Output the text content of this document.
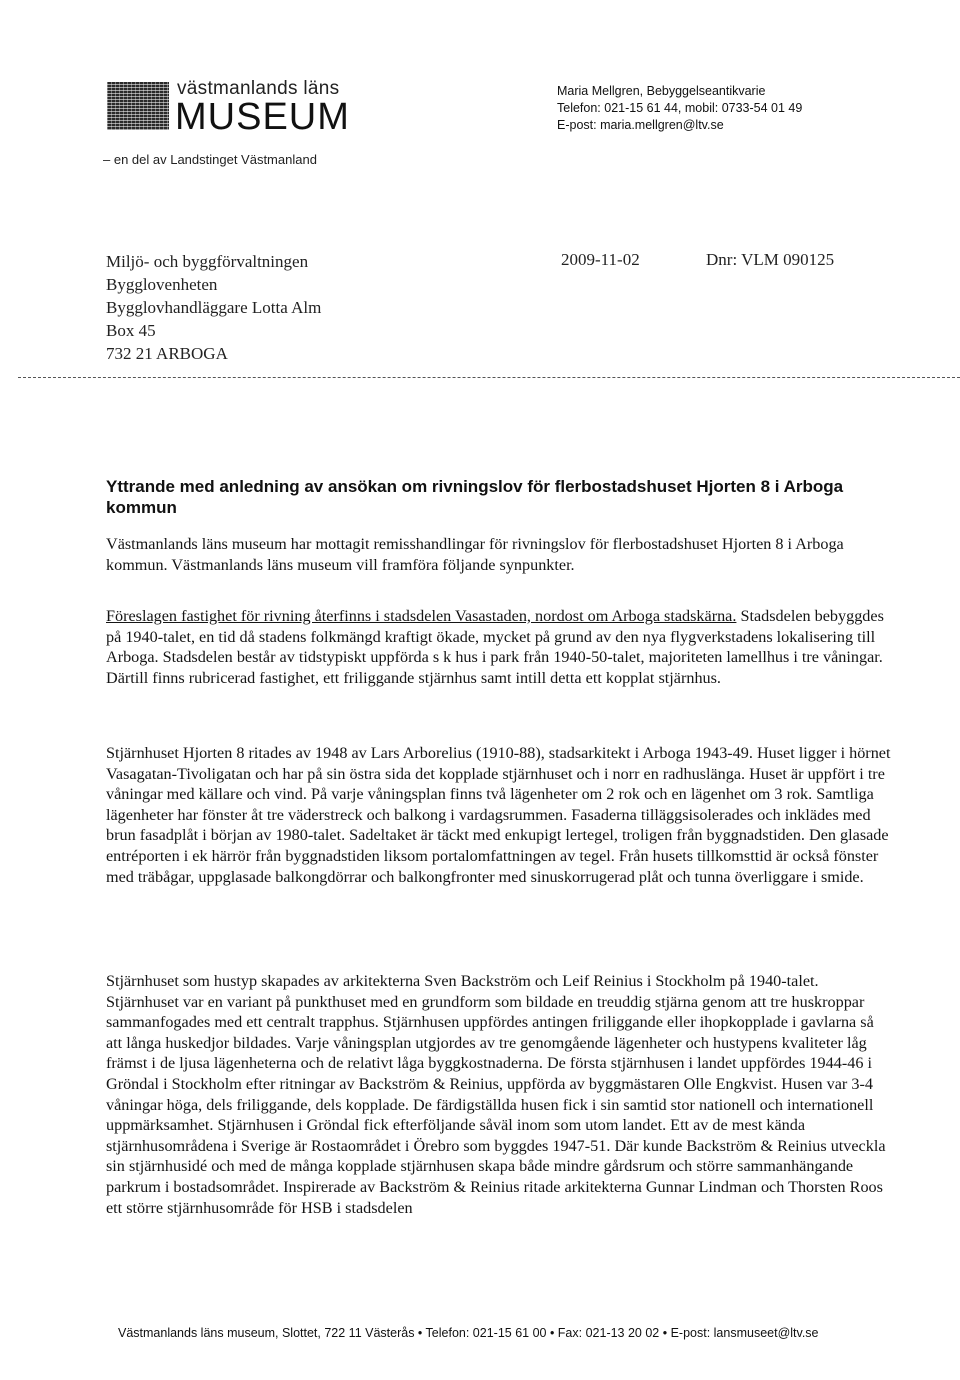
västmanlands läns
MUSEUM
– en del av Landstinget Västmanland
Maria Mellgren, Bebyggelseantikvarie
Telefon: 021-15 61 44, mobil: 0733-54 01 49
E-post: maria.mellgren@ltv.se
Miljö- och byggförvaltningen
Bygglovenheten
Bygglovhandläggare Lotta Alm
Box 45
732 21 ARBOGA
2009-11-02	Dnr: VLM 090125
Yttrande med anledning av ansökan om rivningslov för flerbostadshuset Hjorten 8 i Arboga kommun

Västmanlands läns museum har mottagit remisshandlingar för rivningslov för flerbostadshuset Hjorten 8 i Arboga kommun. Västmanlands läns museum vill framföra följande synpunkter.

Föreslagen fastighet för rivning återfinns i stadsdelen Vasastaden, nordost om Arboga stadskärna. Stadsdelen bebyggdes på 1940-talet, en tid då stadens folkmängd kraftigt ökade, mycket på grund av den nya flygverkstadens lokalisering till Arboga. Stadsdelen består av tidstypiskt uppförda s k hus i park från 1940-50-talet, majoriteten lamellhus i tre våningar. Därtill finns rubricerad fastighet, ett friliggande stjärnhus samt intill detta ett kopplat stjärnhus.

Stjärnhuset Hjorten 8 ritades av 1948 av Lars Arborelius (1910-88), stadsarkitekt i Arboga 1943-49. Huset ligger i hörnet Vasagatan-Tivoligatan och har på sin östra sida det kopplade stjärnhuset och i norr en radhuslänga. Huset är uppfört i tre våningar med källare och vind. På varje våningsplan finns två lägenheter om 2 rok och en lägenhet om 3 rok. Samtliga lägenheter har fönster åt tre väderstreck och balkong i vardagsrummen. Fasaderna tilläggsisolerades och inklädes med brun fasadplåt i början av 1980-talet. Sadeltaket är täckt med enkupigt lertegel, troligen från byggnadstiden. Den glasade entréporten i ek härrör från byggnadstiden liksom portalomfattningen av tegel. Från husets tillkomsttid är också fönster med träbågar, uppglasade balkongdörrar och balkongfronter med sinuskorrugerad plåt och tunna överliggare i smide.

Stjärnhuset som hustyp skapades av arkitekterna Sven Backström och Leif Reinius i Stockholm på 1940-talet. Stjärnhuset var en variant på punkthuset med en grundform som bildade en treuddig stjärna genom att tre huskroppar sammanfogades med ett centralt trapphus. Stjärnhusen uppfördes antingen friliggande eller ihopkopplade i gavlarna så att långa huskedjor bildades. Varje våningsplan utgjordes av tre genomgående lägenheter och hustypens kvaliteter låg främst i de ljusa lägenheterna och de relativt låga byggkostnaderna. De första stjärnhusen i landet uppfördes 1944-46 i Gröndal i Stockholm efter ritningar av Backström & Reinius, uppförda av byggmästaren Olle Engkvist. Husen var 3-4 våningar höga, dels friliggande, dels kopplade. De färdigställda husen fick i sin samtid stor nationell och internationell uppmärksamhet. Stjärnhusen i Gröndal fick efterföljande såväl inom som utom landet. Ett av de mest kända stjärnhusområdena i Sverige är Rostaområdet i Örebro som byggdes 1947-51. Där kunde Backström & Reinius utveckla sin stjärnhusidé och med de många kopplade stjärnhusen skapa både mindre gårdsrum och större sammanhängande parkrum i bostadsområdet. Inspirerade av Backström & Reinius ritade arkitekterna Gunnar Lindman och Thorsten Roos ett större stjärnhusområde för HSB i stadsdelen

Västmanlands läns museum, Slottet, 722 11 Västerås • Telefon: 021-15 61 00 • Fax: 021-13 20 02 • E-post: lansmuseet@ltv.se
